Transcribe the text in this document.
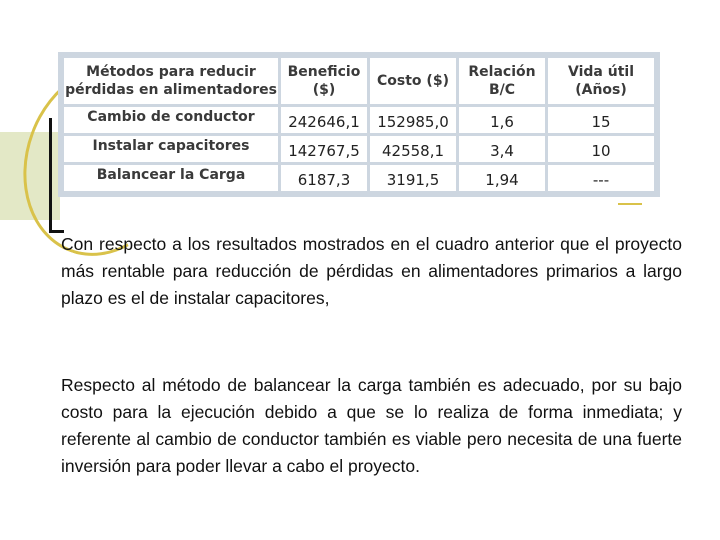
Métodos para reducir pérdidas en alimentadores	Beneficio ($)	Costo ($)	Relación B/C	Vida útil (Años)
Cambio de conductor	242646,1	152985,0	1,6	15
Instalar capacitores	142767,5	42558,1	3,4	10
Balancear la Carga	6187,3	3191,5	1,94	---

Con respecto a los resultados mostrados en el cuadro anterior que el proyecto más rentable para reducción de pérdidas en alimentadores primarios a largo plazo es el de instalar capacitores,

Respecto al método de balancear la carga también es adecuado, por su bajo costo para la ejecución debido a que se lo realiza de forma inmediata; y referente al cambio de conductor también es viable pero necesita de una fuerte inversión para poder llevar a cabo el proyecto.
